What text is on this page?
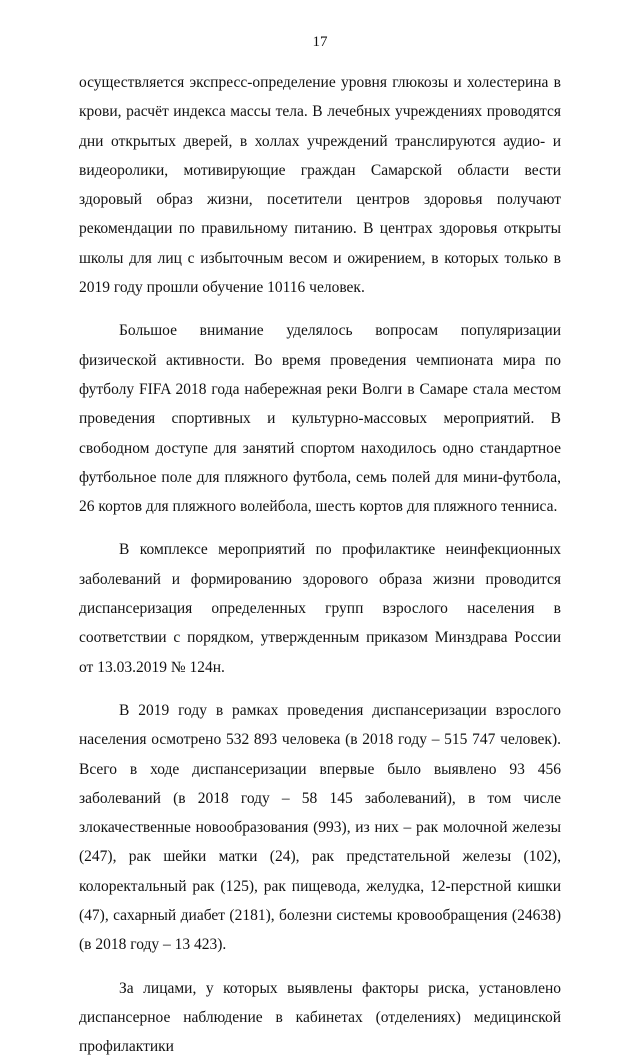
17

осуществляется экспресс-определение уровня глюкозы и холестерина в крови, расчёт индекса массы тела. В лечебных учреждениях проводятся дни открытых дверей, в холлах учреждений транслируются аудио- и видеоролики, мотивирующие граждан Самарской области вести здоровый образ жизни, посетители центров здоровья получают рекомендации по правильному питанию. В центрах здоровья открыты школы для лиц с избыточным весом и ожирением, в которых только в 2019 году прошли обучение 10116 человек.

Большое внимание уделялось вопросам популяризации физической активности. Во время проведения чемпионата мира по футболу FIFA 2018 года набережная реки Волги в Самаре стала местом проведения спортивных и культурно-массовых мероприятий. В свободном доступе для занятий спортом находилось одно стандартное футбольное поле для пляжного футбола, семь полей для мини-футбола, 26 кортов для пляжного волейбола, шесть кортов для пляжного тенниса.

В комплексе мероприятий по профилактике неинфекционных заболеваний и формированию здорового образа жизни проводится диспансеризация определенных групп взрослого населения в соответствии с порядком, утвержденным приказом Минздрава России от 13.03.2019 № 124н.

В 2019 году в рамках проведения диспансеризации взрослого населения осмотрено 532 893 человека (в 2018 году – 515 747 человек). Всего в ходе диспансеризации впервые было выявлено 93 456 заболеваний (в 2018 году – 58 145 заболеваний), в том числе злокачественные новообразования (993), из них – рак молочной железы (247), рак шейки матки (24), рак предстательной железы (102), колоректальный рак (125), рак пищевода, желудка, 12-перстной кишки (47), сахарный диабет (2181), болезни системы кровообращения (24638) (в 2018 году – 13 423).

За лицами, у которых выявлены факторы риска, установлено диспансерное наблюдение в кабинетах (отделениях) медицинской профилактики
